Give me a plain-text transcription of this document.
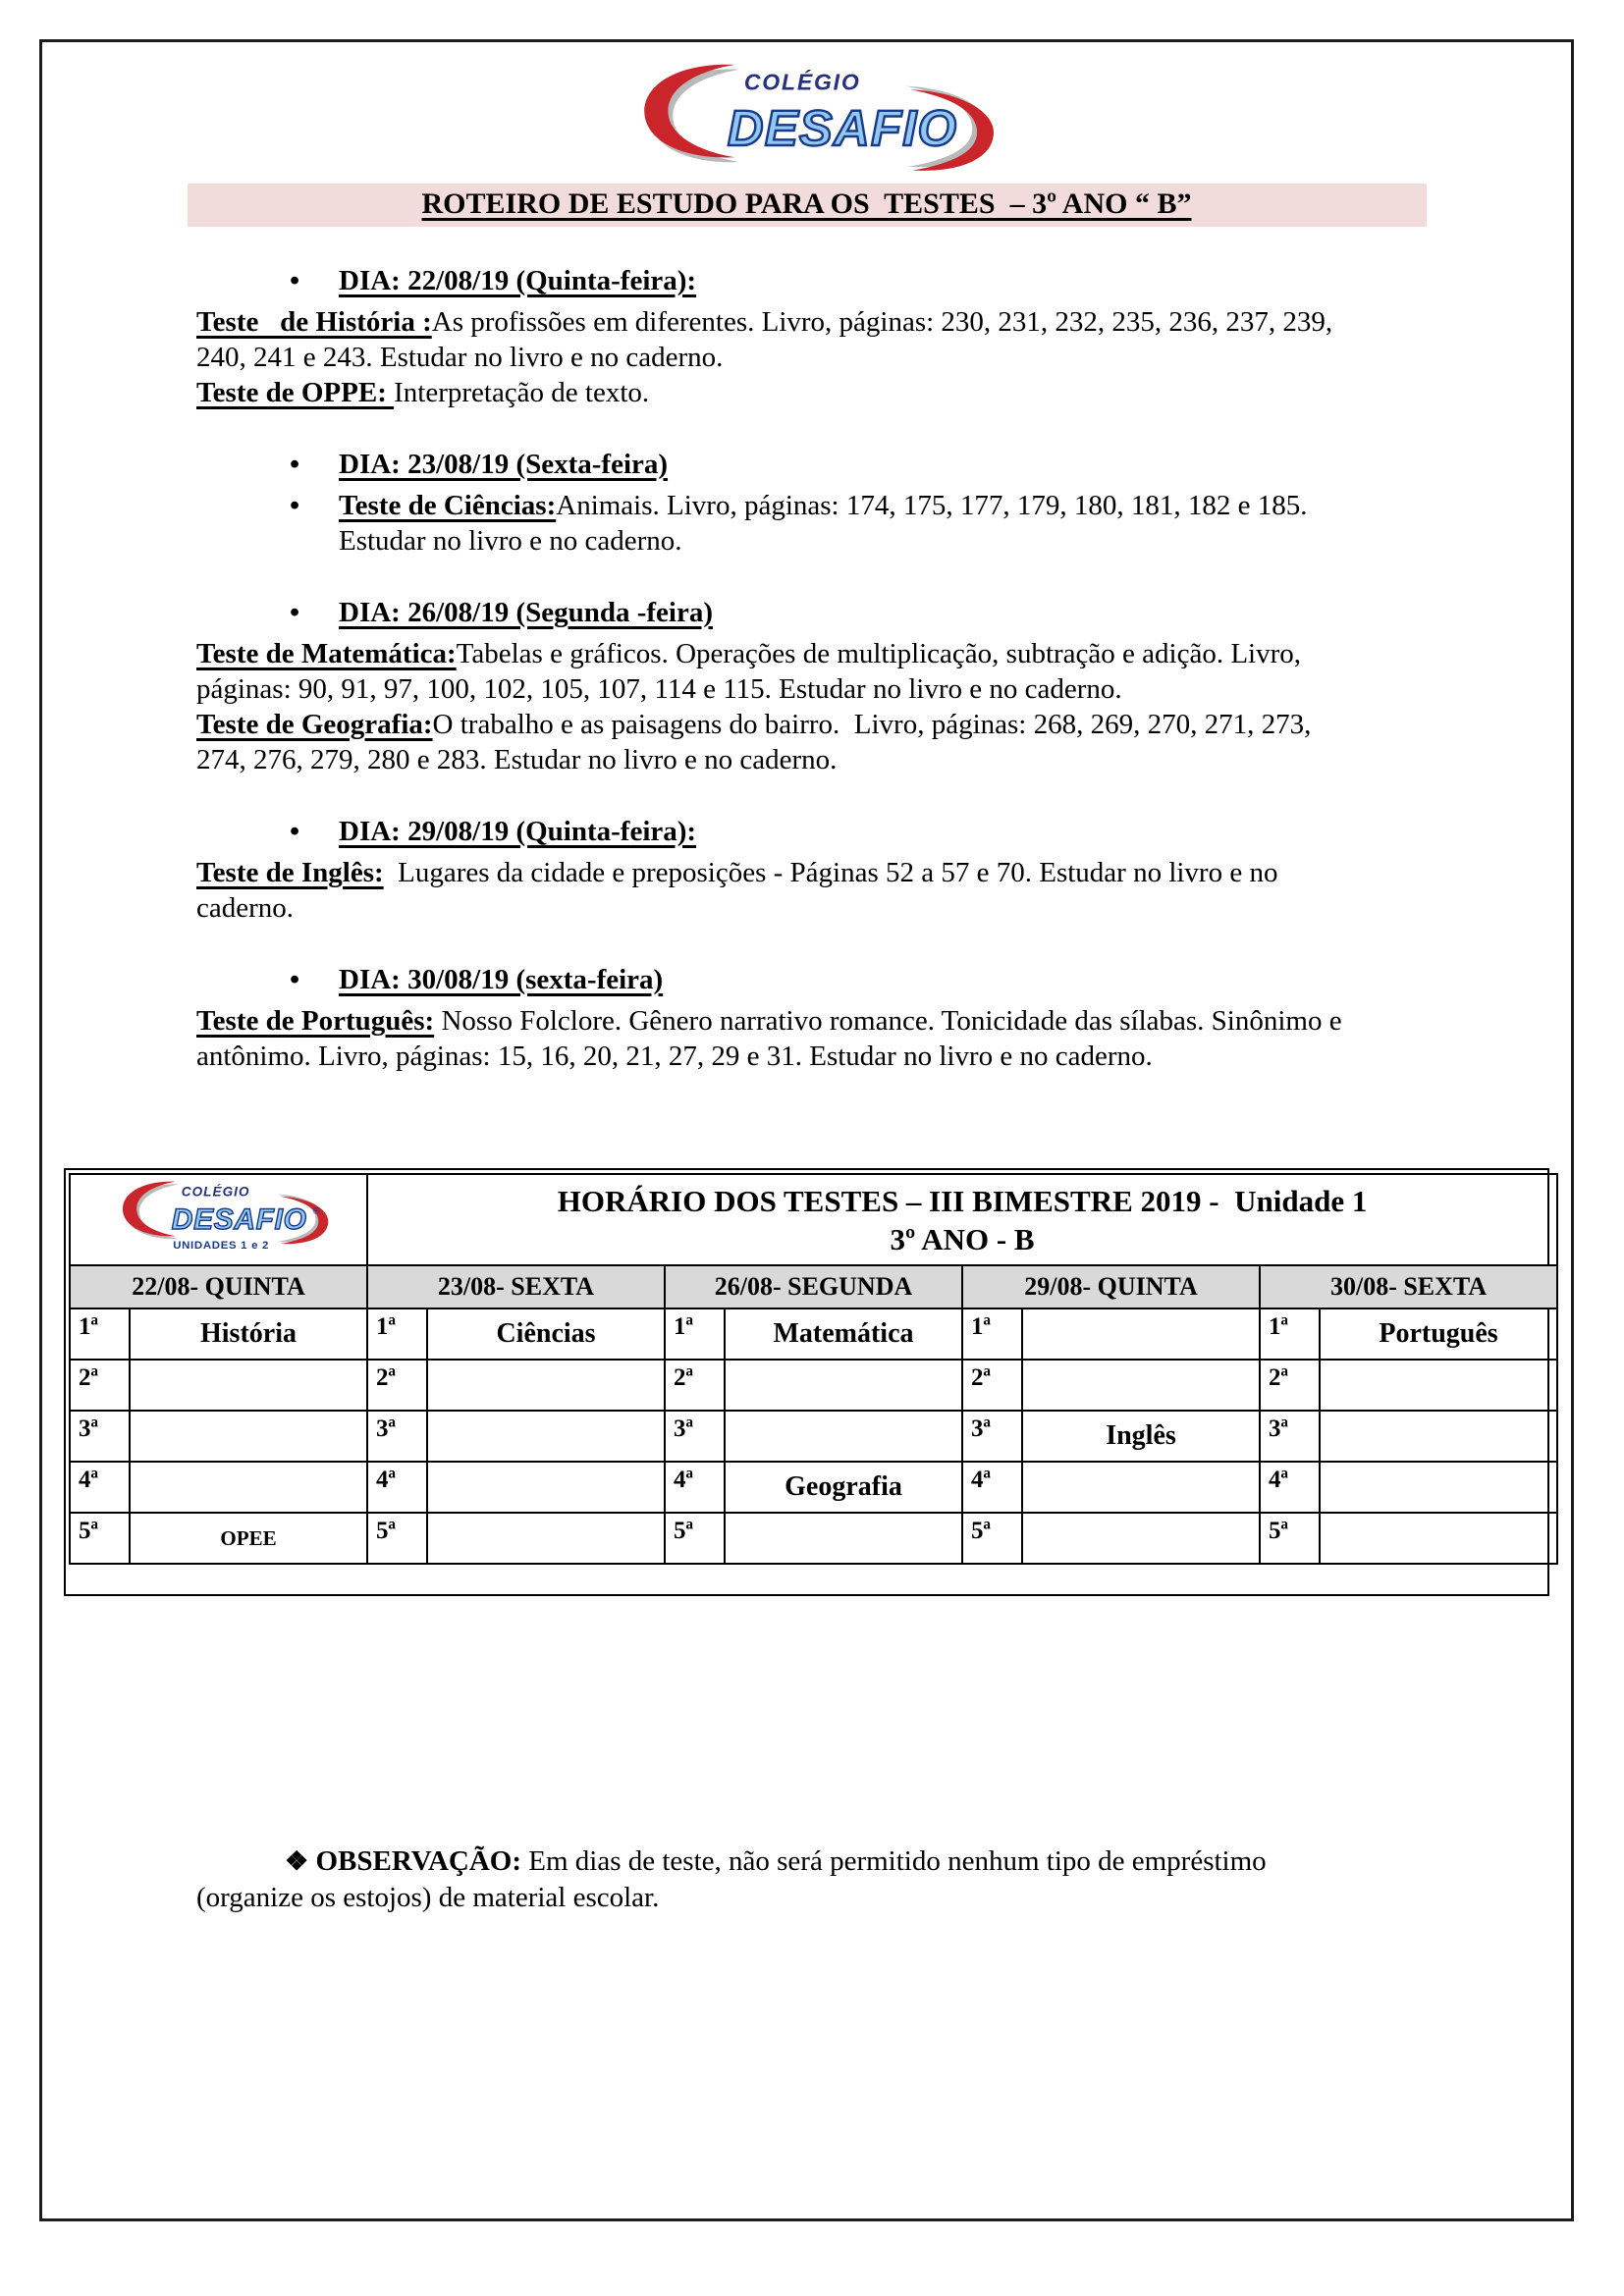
COLÉGIO
DESAFIO
ROTEIRO DE ESTUDO PARA OS  TESTES  – 3º ANO “ B”
• DIA: 22/08/19 (Quinta-feira):

Teste   de História :As profissões em diferentes. Livro, páginas: 230, 231, 232, 235, 236, 237, 239, 240, 241 e 243. Estudar no livro e no caderno.

Teste de OPPE: Interpretação de texto.

• DIA: 23/08/19 (Sexta-feira)
• Teste de Ciências:Animais. Livro, páginas: 174, 175, 177, 179, 180, 181, 182 e 185. Estudar no livro e no caderno.
• DIA: 26/08/19 (Segunda -feira)

Teste de Matemática:Tabelas e gráficos. Operações de multiplicação, subtração e adição. Livro, páginas: 90, 91, 97, 100, 102, 105, 107, 114 e 115. Estudar no livro e no caderno.

Teste de Geografia:O trabalho e as paisagens do bairro.  Livro, páginas: 268, 269, 270, 271, 273, 274, 276, 279, 280 e 283. Estudar no livro e no caderno.

• DIA: 29/08/19 (Quinta-feira):

Teste de Inglês:  Lugares da cidade e preposições - Páginas 52 a 57 e 70. Estudar no livro e no caderno.

• DIA: 30/08/19 (sexta-feira)

Teste de Português: Nosso Folclore. Gênero narrativo romance. Tonicidade das sílabas. Sinônimo e antônimo. Livro, páginas: 15, 16, 20, 21, 27, 29 e 31. Estudar no livro e no caderno.

COLÉGIO
DESAFIO ®
UNIDADES 1 e 2

HORÁRIO DOS TESTES – III BIMESTRE 2019 -  Unidade 1
3º ANO - B

22/08- QUINTA		23/08- SEXTA		26/08- SEGUNDA		29/08- QUINTA		30/08- SEXTA	
1ª	História	1ª	Ciências	1ª	Matemática	1ª		1ª	Português
2ª		2ª		2ª		2ª		2ª	
3ª		3ª		3ª		3ª	Inglês	3ª	
4ª		4ª		4ª	Geografia	4ª		4ª	
5ª	OPEE	5ª		5ª		5ª		5ª	

❖ OBSERVAÇÃO: Em dias de teste, não será permitido nenhum tipo de empréstimo (organize os estojos) de material escolar.
